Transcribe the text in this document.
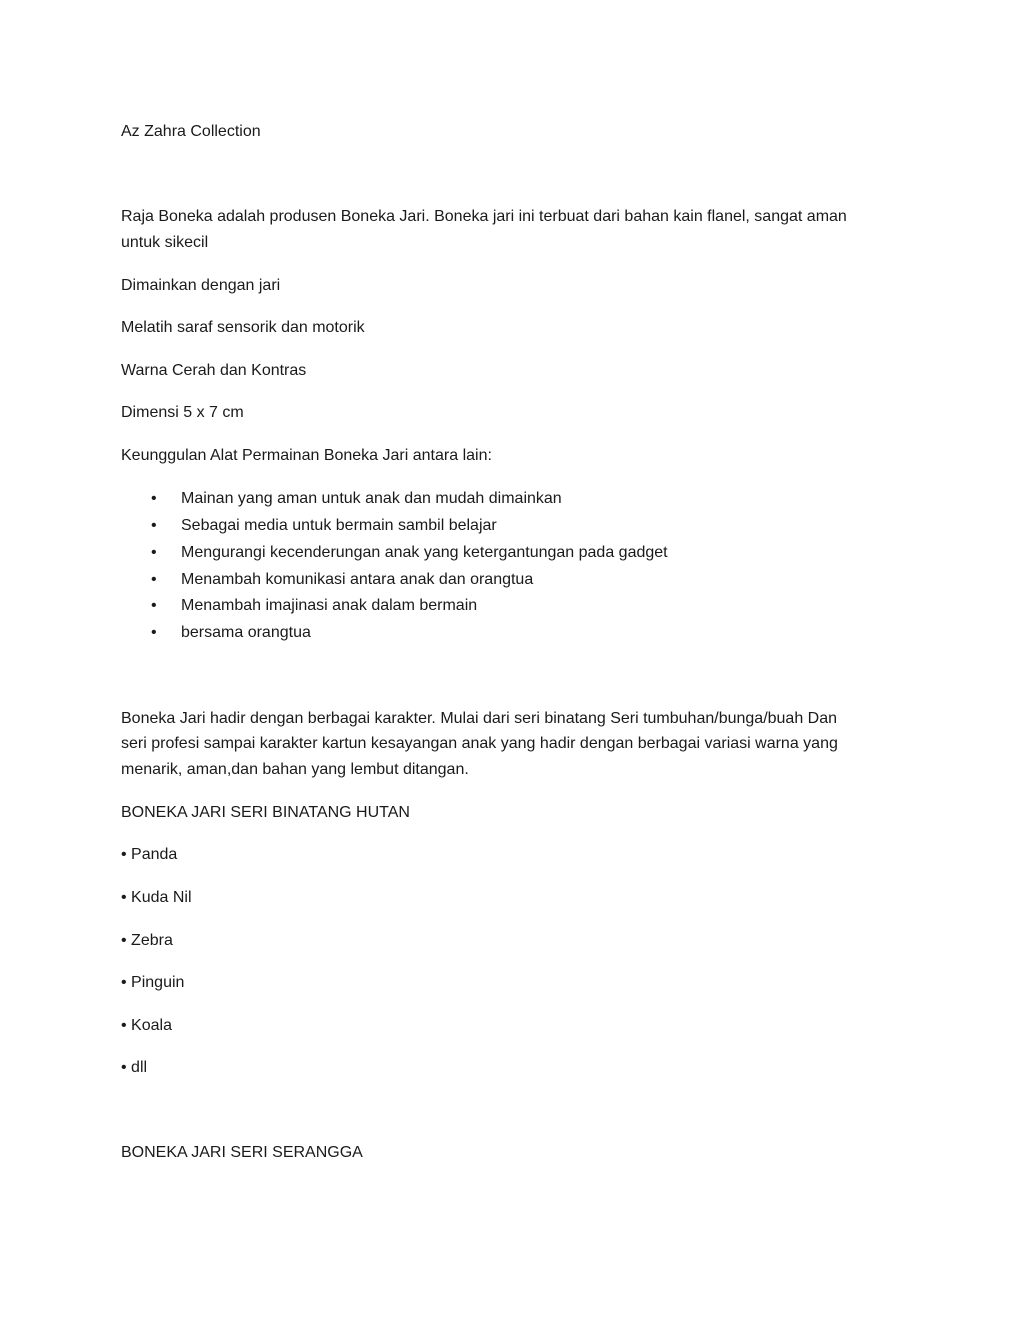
Az Zahra Collection

Raja Boneka adalah produsen Boneka Jari. Boneka jari ini terbuat dari bahan kain flanel, sangat aman

untuk sikecil

Dimainkan dengan jari

Melatih saraf sensorik dan motorik

Warna Cerah dan Kontras

Dimensi 5 x 7 cm

Keunggulan Alat Permainan Boneka Jari antara lain:

• Mainan yang aman untuk anak dan mudah dimainkan
• Sebagai media untuk bermain sambil belajar
• Mengurangi kecenderungan anak yang ketergantungan pada gadget
• Menambah komunikasi antara anak dan orangtua
• Menambah imajinasi anak dalam bermain
• bersama orangtua

Boneka Jari hadir dengan berbagai karakter. Mulai dari seri binatang Seri tumbuhan/bunga/buah Dan

seri profesi sampai karakter kartun kesayangan anak yang hadir dengan berbagai variasi warna yang

menarik, aman,dan bahan yang lembut ditangan.

BONEKA JARI SERI BINATANG HUTAN

• Panda

• Kuda Nil

• Zebra

• Pinguin

• Koala

• dll

BONEKA JARI SERI SERANGGA
